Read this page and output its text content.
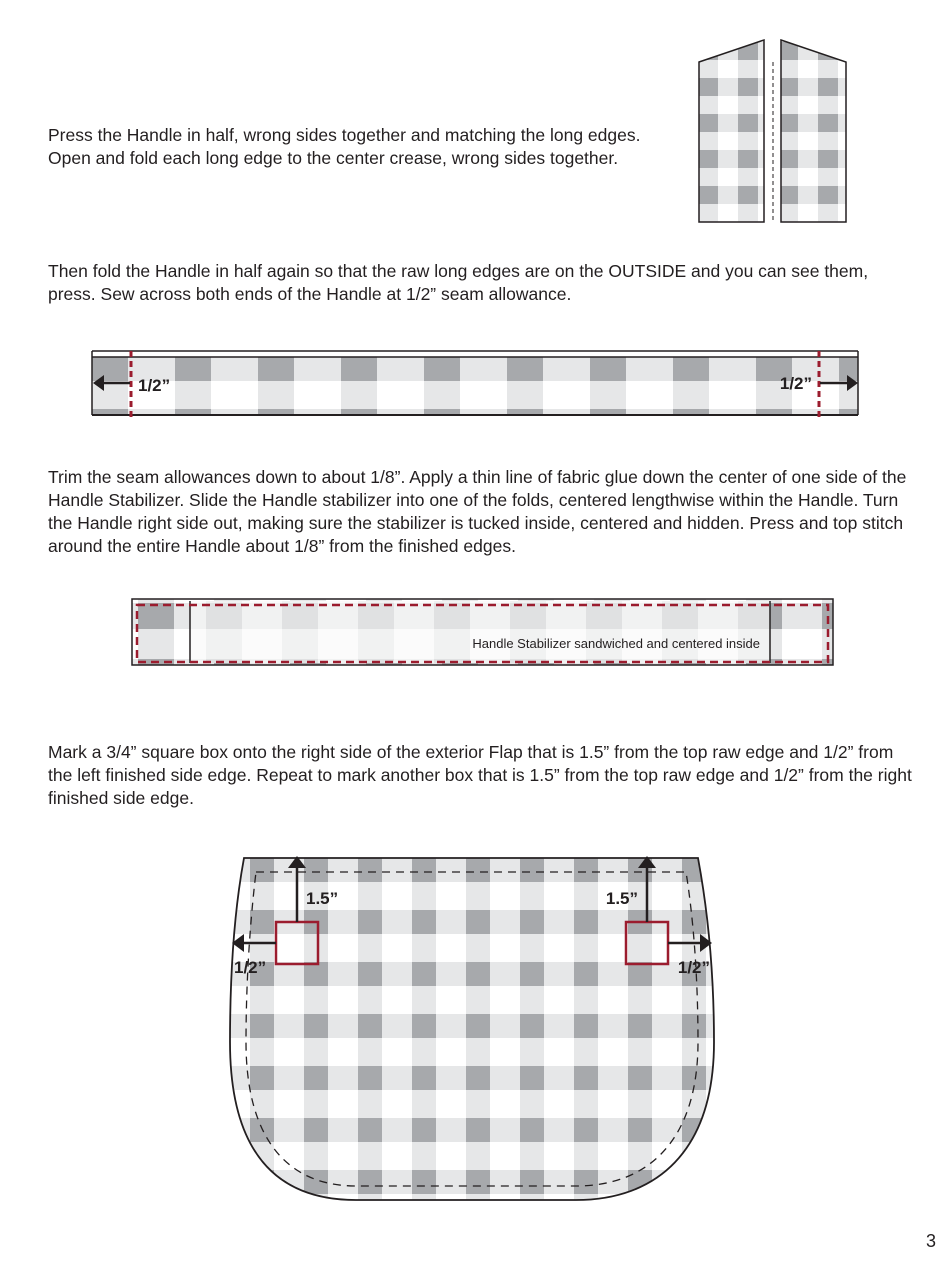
Press the Handle in half, wrong sides together and matching the long edges. Open and fold each long edge to the center crease, wrong sides together.

Then fold the Handle in half again so that the raw long edges are on the OUTSIDE and you can see them, press. Sew across both ends of the Handle at 1/2” seam allowance.

1/2”	1/2”

Trim the seam allowances down to about 1/8”. Apply a thin line of fabric glue down the center of one side of the Handle Stabilizer. Slide the Handle stabilizer into one of the folds, centered lengthwise within the Handle. Turn the Handle right side out, making sure the stabilizer is tucked inside, centered and hidden. Press and top stitch around the entire Handle about 1/8” from the finished edges.

Handle Stabilizer sandwiched and centered inside

Mark a 3/4” square box onto the right side of the exterior Flap that is 1.5” from the top raw edge and 1/2” from the left finished side edge. Repeat to mark another box that is 1.5” from the top raw edge and 1/2” from the right finished side edge.

1.5”	1.5”
1/2”	1/2”
3
